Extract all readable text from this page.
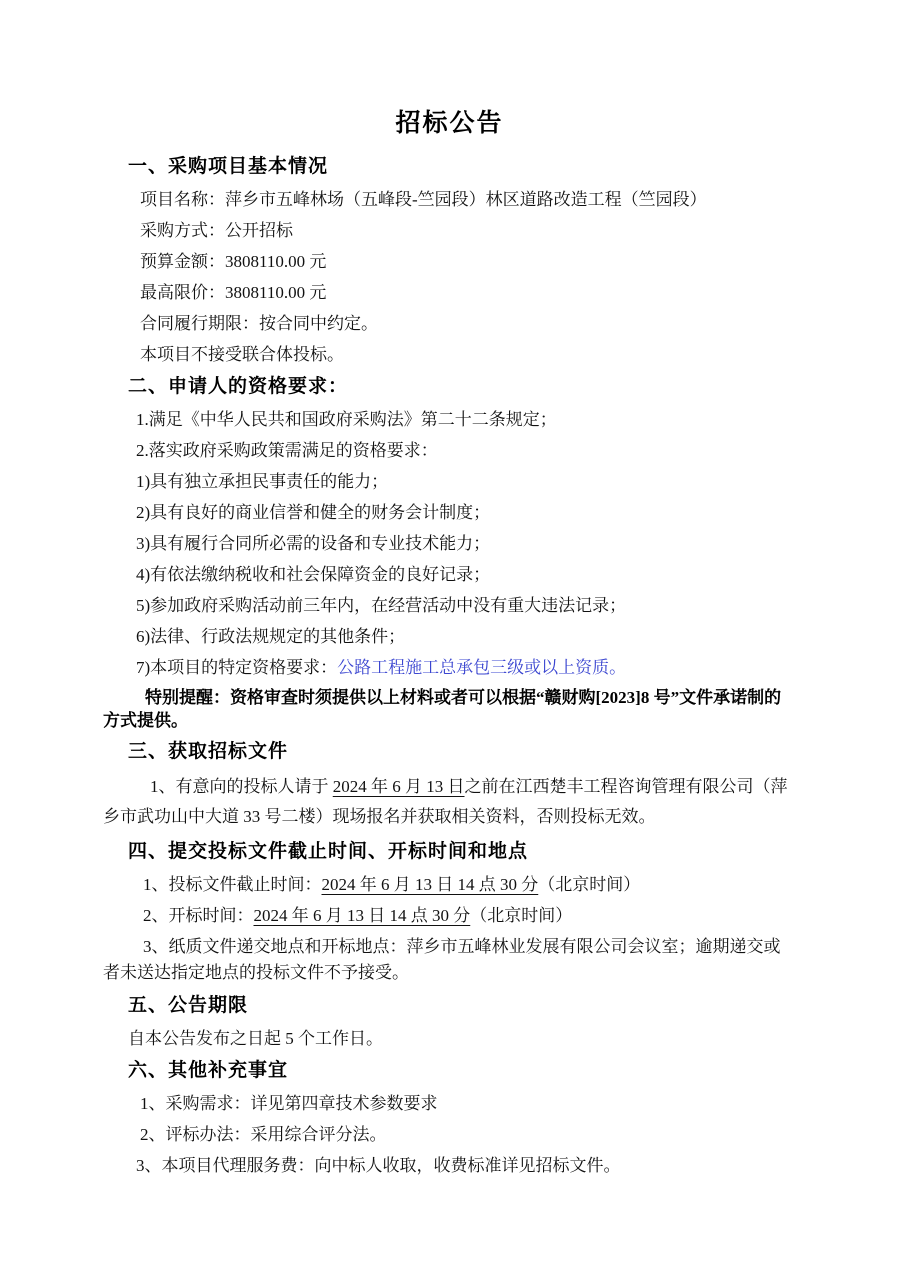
招标公告
一、采购项目基本情况

项目名称：萍乡市五峰林场（五峰段-竺园段）林区道路改造工程（竺园段）

采购方式：公开招标

预算金额：3808110.00 元

最高限价：3808110.00 元

合同履行期限：按合同中约定。

本项目不接受联合体投标。

二、申请人的资格要求：

1.满足《中华人民共和国政府采购法》第二十二条规定；

2.落实政府采购政策需满足的资格要求：

1)具有独立承担民事责任的能力；

2)具有良好的商业信誉和健全的财务会计制度；

3)具有履行合同所必需的设备和专业技术能力；

4)有依法缴纳税收和社会保障资金的良好记录；

5)参加政府采购活动前三年内，在经营活动中没有重大违法记录；

6)法律、行政法规规定的其他条件；

7)本项目的特定资格要求：公路工程施工总承包三级或以上资质。

特别提醒：资格审查时须提供以上材料或者可以根据“赣财购[2023]8 号”文件承诺制的方式提供。

三、获取招标文件

1、有意向的投标人请于 2024 年 6 月 13 日之前在江西楚丰工程咨询管理有限公司（萍乡市武功山中大道 33 号二楼）现场报名并获取相关资料，否则投标无效。

四、提交投标文件截止时间、开标时间和地点

1、投标文件截止时间：2024 年 6 月 13 日 14 点 30 分（北京时间）

2、开标时间：2024 年 6 月 13 日 14 点 30 分（北京时间）

3、纸质文件递交地点和开标地点：萍乡市五峰林业发展有限公司会议室；逾期递交或者未送达指定地点的投标文件不予接受。

五、公告期限

自本公告发布之日起 5 个工作日。

六、其他补充事宜

1、采购需求：详见第四章技术参数要求

2、评标办法：采用综合评分法。

3、本项目代理服务费：向中标人收取，收费标准详见招标文件。
